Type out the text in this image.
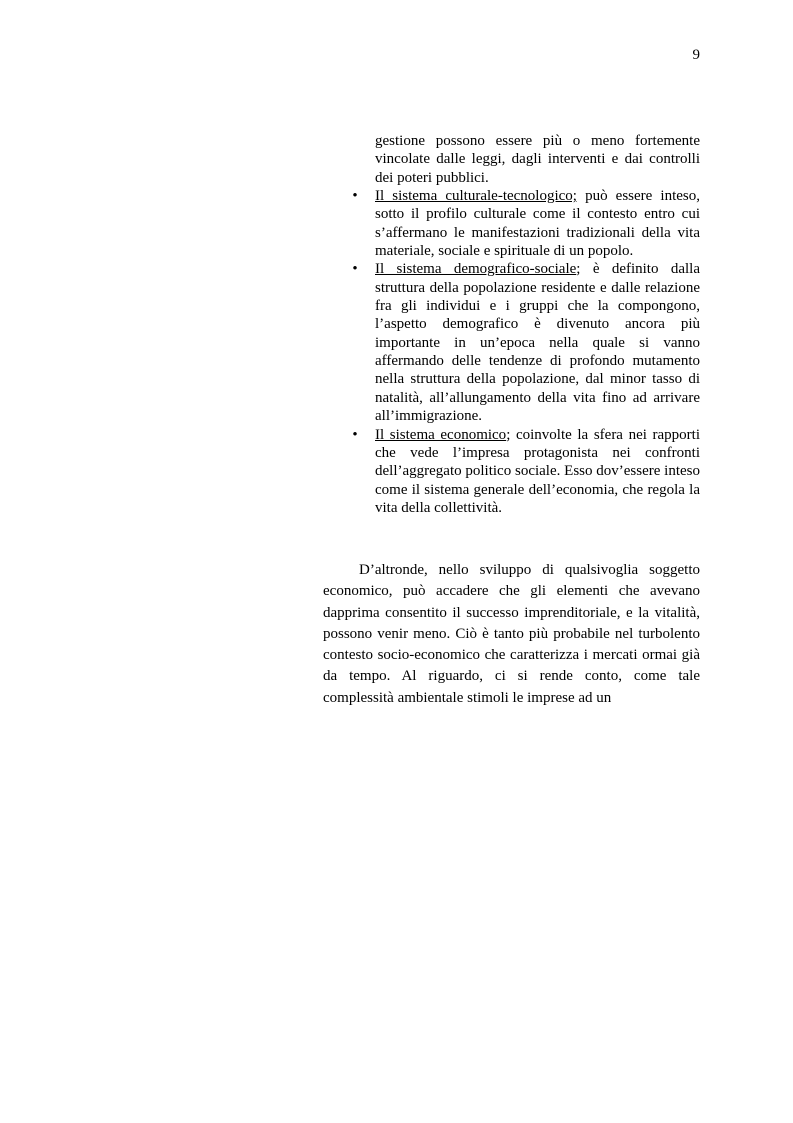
9

gestione possono essere più o meno fortemente vincolate dalle leggi, dagli interventi e dai controlli dei poteri pubblici.

• Il sistema culturale-tecnologico; può essere inteso, sotto il profilo culturale come il contesto entro cui s’affermano le manifestazioni tradizionali della vita materiale, sociale e spirituale di un popolo.
• Il sistema demografico-sociale; è definito dalla struttura della popolazione residente e dalle relazione fra gli individui e i gruppi che la compongono, l’aspetto demografico è divenuto ancora più importante in un’epoca nella quale si vanno affermando delle tendenze di profondo mutamento nella struttura della popolazione, dal minor tasso di natalità, all’allungamento della vita fino ad arrivare all’immigrazione.
• Il sistema economico; coinvolte la sfera nei rapporti che vede l’impresa protagonista nei confronti dell’aggregato politico sociale. Esso dov’essere inteso come il sistema generale dell’economia, che regola la vita della collettività.

D’altronde, nello sviluppo di qualsivoglia soggetto economico, può accadere che gli elementi che avevano dapprima consentito il successo imprenditoriale, e la vitalità, possono venir meno. Ciò è tanto più probabile nel turbolento contesto socio-economico che caratterizza i mercati ormai già da tempo. Al riguardo, ci si rende conto, come tale complessità ambientale stimoli le imprese ad un
